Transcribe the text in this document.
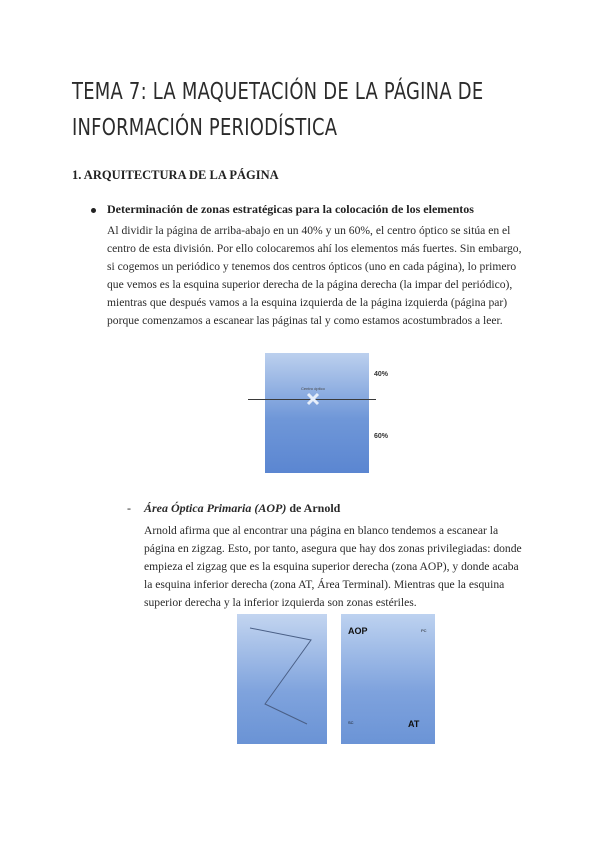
TEMA 7: LA MAQUETACIÓN DE LA PÁGINA DE INFORMACIÓN PERIODÍSTICA
1. ARQUITECTURA DE LA PÁGINA
Determinación de zonas estratégicas para la colocación de los elementos

Al dividir la página de arriba-abajo en un 40% y un 60%, el centro óptico se sitúa en el centro de esta división. Por ello colocaremos ahí los elementos más fuertes. Sin embargo, si cogemos un periódico y tenemos dos centros ópticos (uno en cada página), lo primero que vemos es la esquina superior derecha de la página derecha (la impar del periódico), mientras que después vamos a la esquina izquierda de la página izquierda (página par) porque comenzamos a escanear las páginas tal y como estamos acostumbrados a leer.

Centro óptico
40%
60%
- Área Óptica Primaria (AOP) de Arnold

Arnold afirma que al encontrar una página en blanco tendemos a escanear la página en zigzag. Esto, por tanto, asegura que hay dos zonas privilegiadas: donde empieza el zigzag que es la esquina superior derecha (zona AOP), y donde acaba la esquina inferior derecha (zona AT, Área Terminal). Mientras que la esquina superior derecha y la inferior izquierda son zonas estériles.

AOP	PC
SC	AT
